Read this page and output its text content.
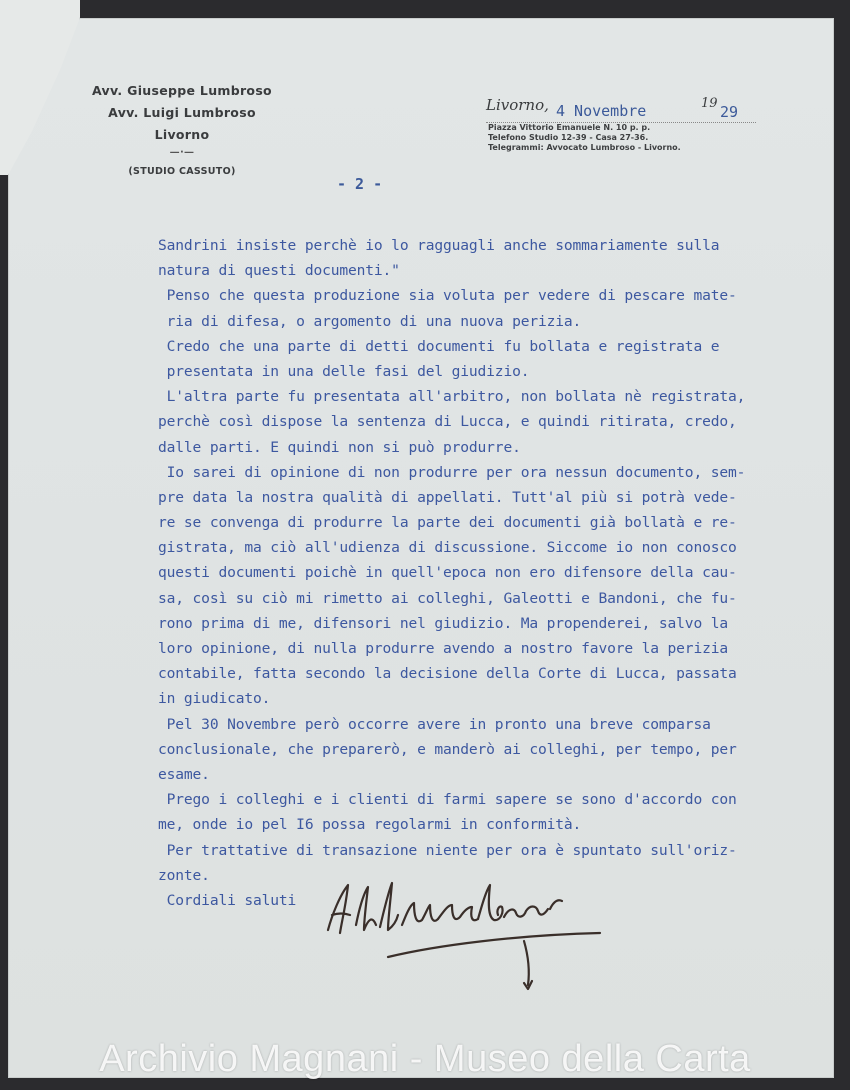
Avv. Giuseppe Lumbroso
Avv. Luigi Lumbroso
Livorno
—·—
(STUDIO CASSUTO)
Livorno, 4 Novembre	19 29
Piazza Vittorio Emanuele N. 10 p. p.
Telefono Studio 12-39 - Casa 27-36.
Telegrammi: Avvocato Lumbroso - Livorno.
- 2 -
Sandrini insiste perchè io lo ragguagli anche sommariamente sulla
natura di questi documenti."
Penso che questa produzione sia voluta per vedere di pescare mate-
ria di difesa, o argomento di una nuova perizia.
Credo che una parte di detti documenti fu bollata e registrata e
presentata in una delle fasi del giudizio.
L'altra parte fu presentata all'arbitro, non bollata nè registrata,
perchè così dispose la sentenza di Lucca, e quindi ritirata, credo,
dalle parti. E quindi non si può produrre.
Io sarei di opinione di non produrre per ora nessun documento, sem-
pre data la nostra qualità di appellati. Tutt'al più si potrà vede-
re se convenga di produrre la parte dei documenti già bollatà e re-
gistrata, ma ciò all'udienza di discussione. Siccome io non conosco
questi documenti poichè in quell'epoca non ero difensore della cau-
sa, così su ciò mi rimetto ai colleghi, Galeotti e Bandoni, che fu-
rono prima di me, difensori nel giudizio. Ma propenderei, salvo la
loro opinione, di nulla produrre avendo a nostro favore la perizia
contabile, fatta secondo la decisione della Corte di Lucca, passata
in giudicato.
Pel 30 Novembre però occorre avere in pronto una breve comparsa
conclusionale, che preparerò, e manderò ai colleghi, per tempo, per
esame.
Prego i colleghi e i clienti di farmi sapere se sono d'accordo con
me, onde io pel I6 possa regolarmi in conformità.
Per trattative di transazione niente per ora è spuntato sull'oriz-
zonte.
Cordiali saluti
Archivio Magnani - Museo della Carta
